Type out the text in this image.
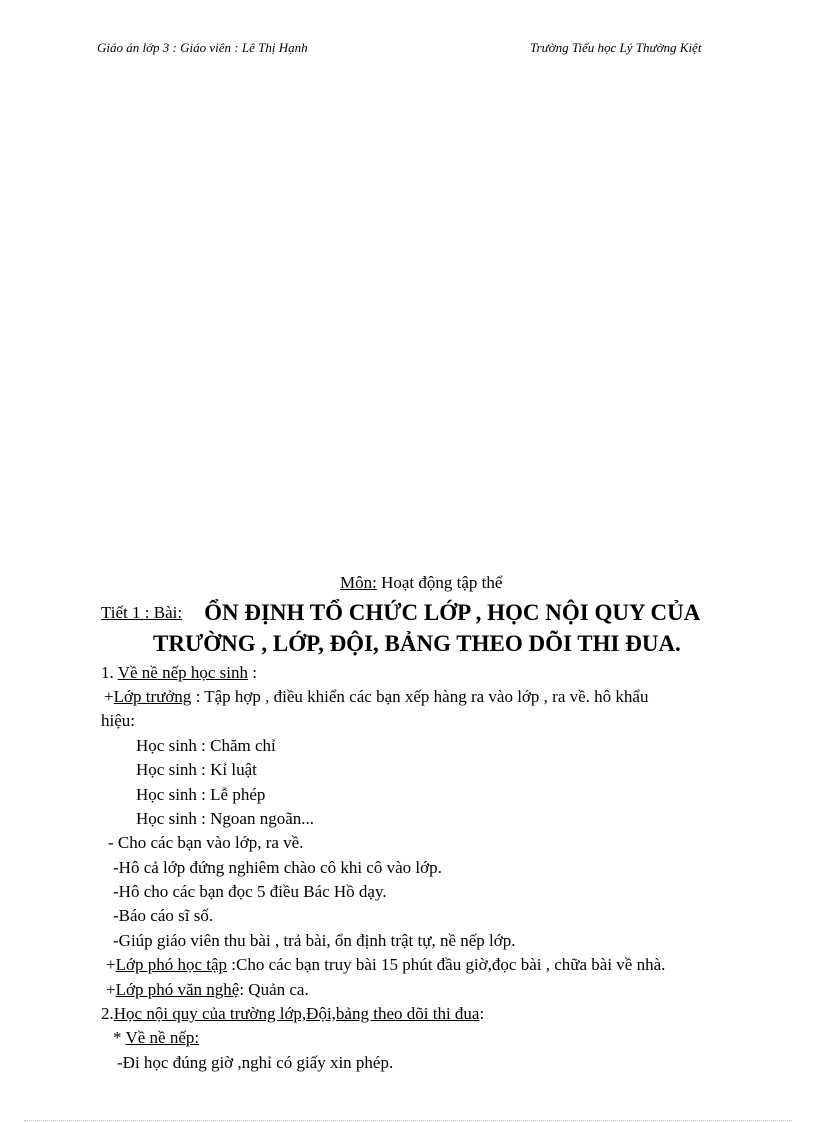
Giáo án lớp 3 : Giáo viên : Lê Thị Hạnh	Trường Tiểu học Lý Thường Kiệt
Môn: Hoạt động tập thể
Tiết 1 : Bài: ỔN ĐỊNH TỔ CHỨC LỚP , HỌC NỘI QUY CỦA
TRƯỜNG , LỚP, ĐỘI, BẢNG THEO DÕI THI ĐUA.
1. Về nề nếp học sinh :
+Lớp trưởng : Tập hợp , điều khiển các bạn xếp hàng ra vào lớp , ra về. hô khẩu
hiệu:
Học sinh : Chăm chỉ
Học sinh : Kỉ luật
Học sinh : Lễ phép
Học sinh : Ngoan ngoãn...
- Cho các bạn vào lớp, ra về.
-Hô cả lớp đứng nghiêm chào cô khi cô vào lớp.
-Hô cho các bạn đọc 5 điều Bác Hồ dạy.
-Báo cáo sĩ số.
-Giúp giáo viên thu bài , trả bài, ổn định trật tự, nề nếp lớp.
+Lớp phó học tập :Cho các bạn truy bài 15 phút đầu giờ,đọc bài , chữa bài về nhà.
+Lớp phó văn nghệ: Quản ca.
2.Học nội quy của trường lớp,Đội,bảng theo dõi thi đua:
* Về nề nếp:
-Đi học đúng giờ ,nghỉ có giấy xin phép.
